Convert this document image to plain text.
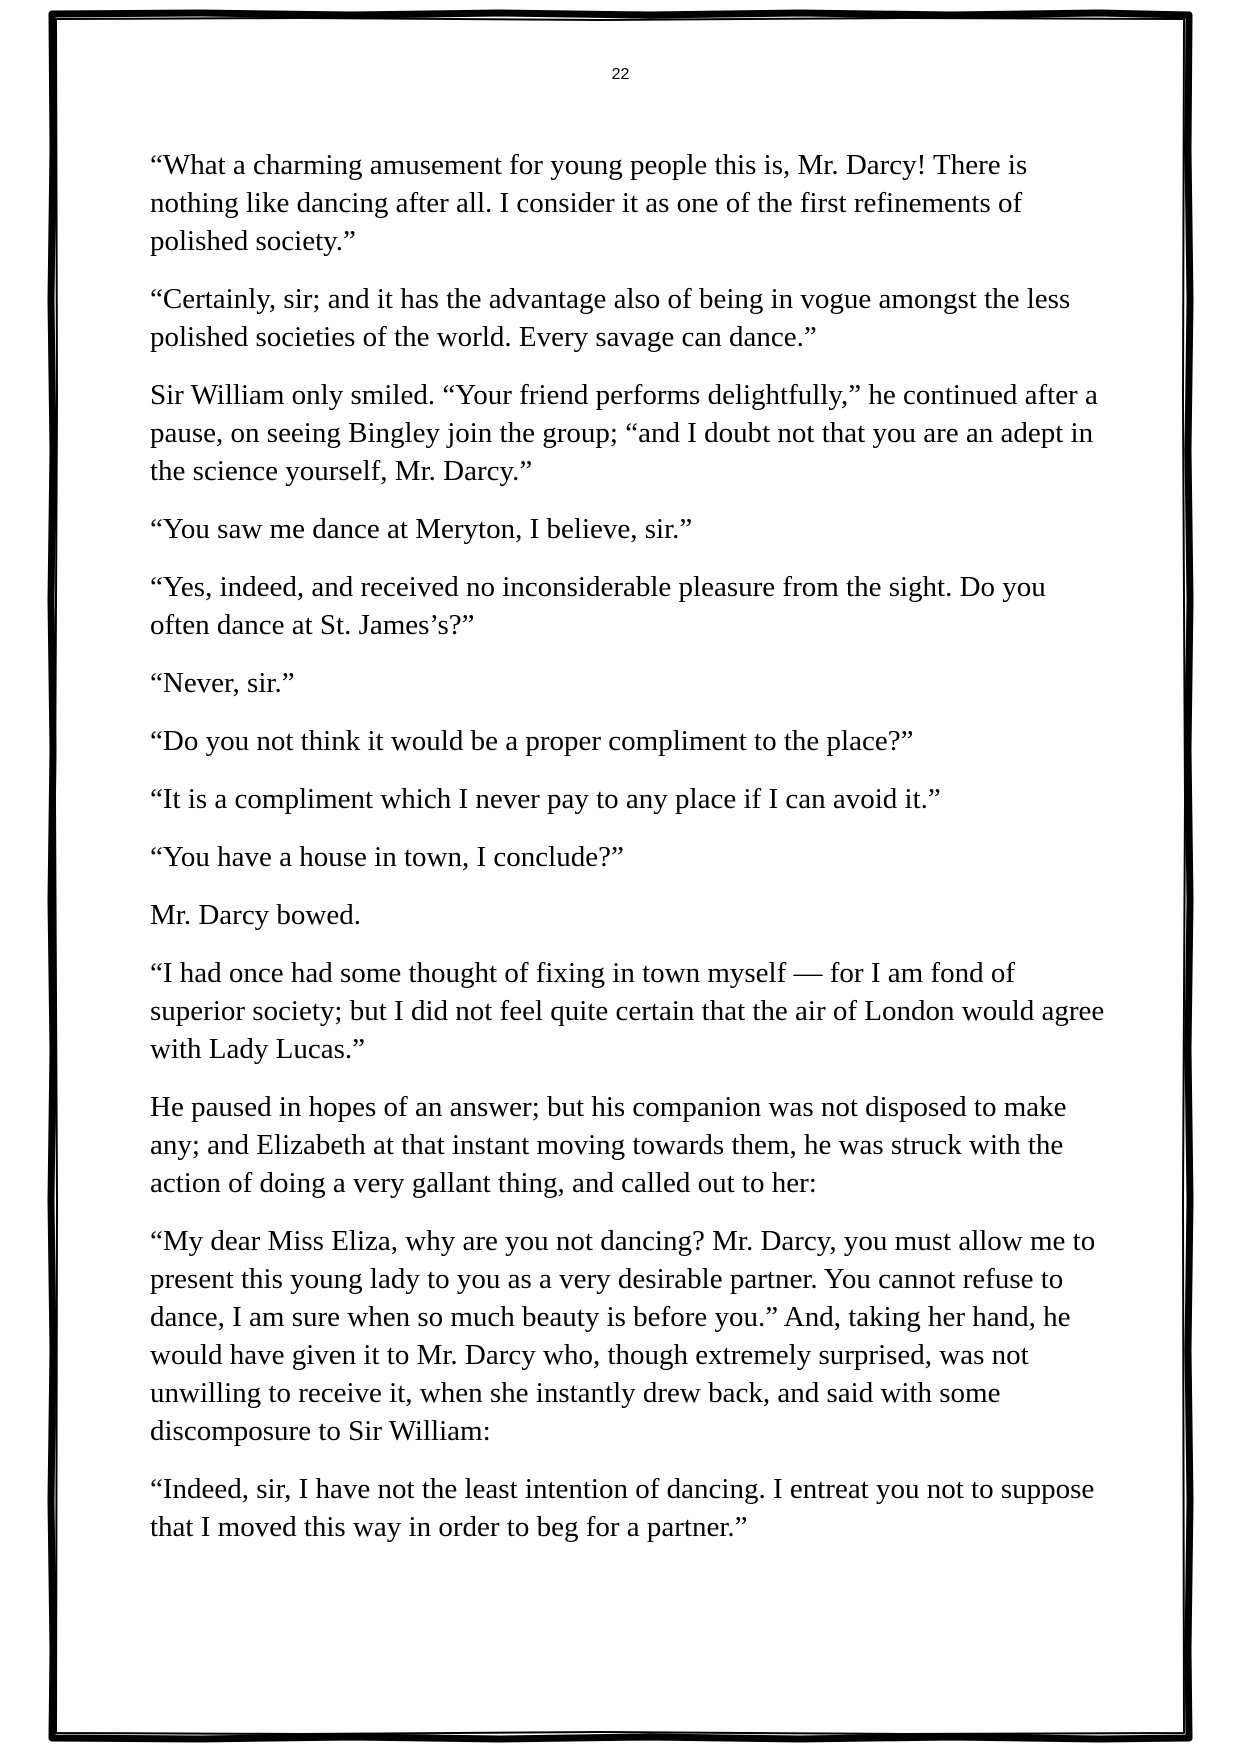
22

“What a charming amusement for young people this is, Mr. Darcy! There is nothing like dancing after all. I consider it as one of the first refinements of polished society.”

“Certainly, sir; and it has the advantage also of being in vogue amongst the less polished societies of the world. Every savage can dance.”

Sir William only smiled. “Your friend performs delightfully,” he continued after a pause, on seeing Bingley join the group; “and I doubt not that you are an adept in the science yourself, Mr. Darcy.”

“You saw me dance at Meryton, I believe, sir.”

“Yes, indeed, and received no inconsiderable pleasure from the sight. Do you often dance at St. James’s?”

“Never, sir.”

“Do you not think it would be a proper compliment to the place?”

“It is a compliment which I never pay to any place if I can avoid it.”

“You have a house in town, I conclude?”

Mr. Darcy bowed.

“I had once had some thought of fixing in town myself — for I am fond of superior society; but I did not feel quite certain that the air of London would agree with Lady Lucas.”

He paused in hopes of an answer; but his companion was not disposed to make any; and Elizabeth at that instant moving towards them, he was struck with the action of doing a very gallant thing, and called out to her:

“My dear Miss Eliza, why are you not dancing? Mr. Darcy, you must allow me to present this young lady to you as a very desirable partner. You cannot refuse to dance, I am sure when so much beauty is before you.” And, taking her hand, he would have given it to Mr. Darcy who, though extremely surprised, was not unwilling to receive it, when she instantly drew back, and said with some discomposure to Sir William:

“Indeed, sir, I have not the least intention of dancing. I entreat you not to suppose that I moved this way in order to beg for a partner.”
